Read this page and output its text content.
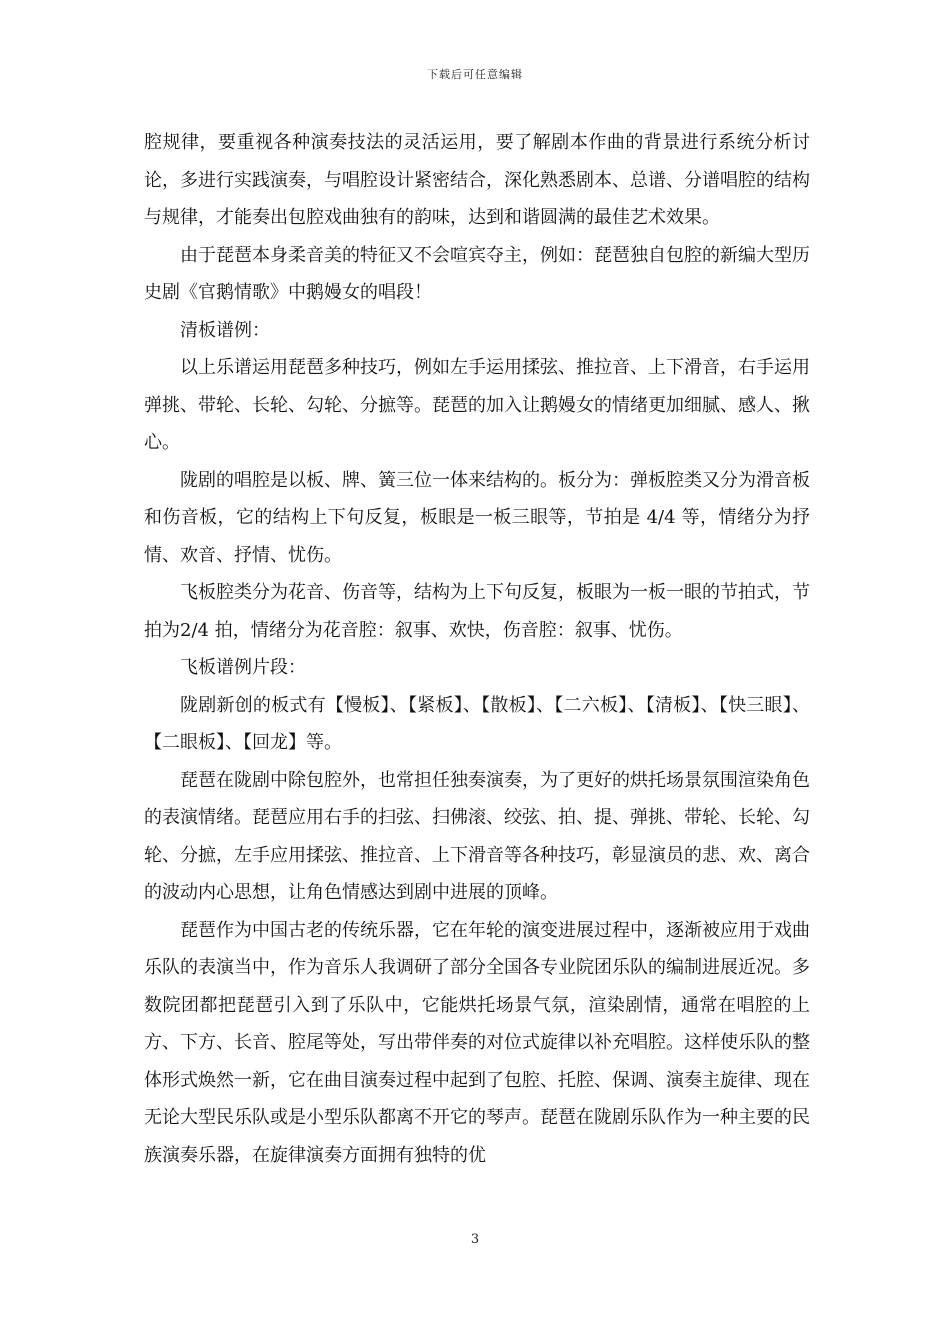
下载后可任意编辑

腔规律，要重视各种演奏技法的灵活运用，要了解剧本作曲的背景进行系统分析讨论，多进行实践演奏，与唱腔设计紧密结合，深化熟悉剧本、总谱、分谱唱腔的结构与规律，才能奏出包腔戏曲独有的韵味，达到和谐圆满的最佳艺术效果。

由于琵琶本身柔音美的特征又不会喧宾夺主，例如：琵琶独自包腔的新编大型历史剧《官鹅情歌》中鹅嫚女的唱段！

清板谱例：

以上乐谱运用琵琶多种技巧，例如左手运用揉弦、推拉音、上下滑音，右手运用弹挑、带轮、长轮、勾轮、分摭等。琵琶的加入让鹅嫚女的情绪更加细腻、感人、揪心。

陇剧的唱腔是以板、牌、簧三位一体来结构的。板分为：弹板腔类又分为滑音板和伤音板，它的结构上下句反复，板眼是一板三眼等，节拍是 4/4 等，情绪分为抒情、欢音、抒情、忧伤。

飞板腔类分为花音、伤音等，结构为上下句反复，板眼为一板一眼的节拍式，节拍为2/4 拍，情绪分为花音腔：叙事、欢快，伤音腔：叙事、忧伤。

飞板谱例片段：

陇剧新创的板式有【慢板】、【紧板】、【散板】、【二六板】、【清板】、【快三眼】、【二眼板】、【回龙】等。

琵琶在陇剧中除包腔外，也常担任独奏演奏，为了更好的烘托场景氛围渲染角色的表演情绪。琵琶应用右手的扫弦、扫佛滚、绞弦、拍、提、弹挑、带轮、长轮、勾轮、分摭，左手应用揉弦、推拉音、上下滑音等各种技巧，彰显演员的悲、欢、离合的波动内心思想，让角色情感达到剧中进展的顶峰。

琵琶作为中国古老的传统乐器，它在年轮的演变进展过程中，逐渐被应用于戏曲乐队的表演当中，作为音乐人我调研了部分全国各专业院团乐队的编制进展近况。多数院团都把琵琶引入到了乐队中，它能烘托场景气氛，渲染剧情，通常在唱腔的上方、下方、长音、腔尾等处，写出带伴奏的对位式旋律以补充唱腔。这样使乐队的整体形式焕然一新，它在曲目演奏过程中起到了包腔、托腔、保调、演奏主旋律、现在无论大型民乐队或是小型乐队都离不开它的琴声。琵琶在陇剧乐队作为一种主要的民族演奏乐器，在旋律演奏方面拥有独特的优

3
